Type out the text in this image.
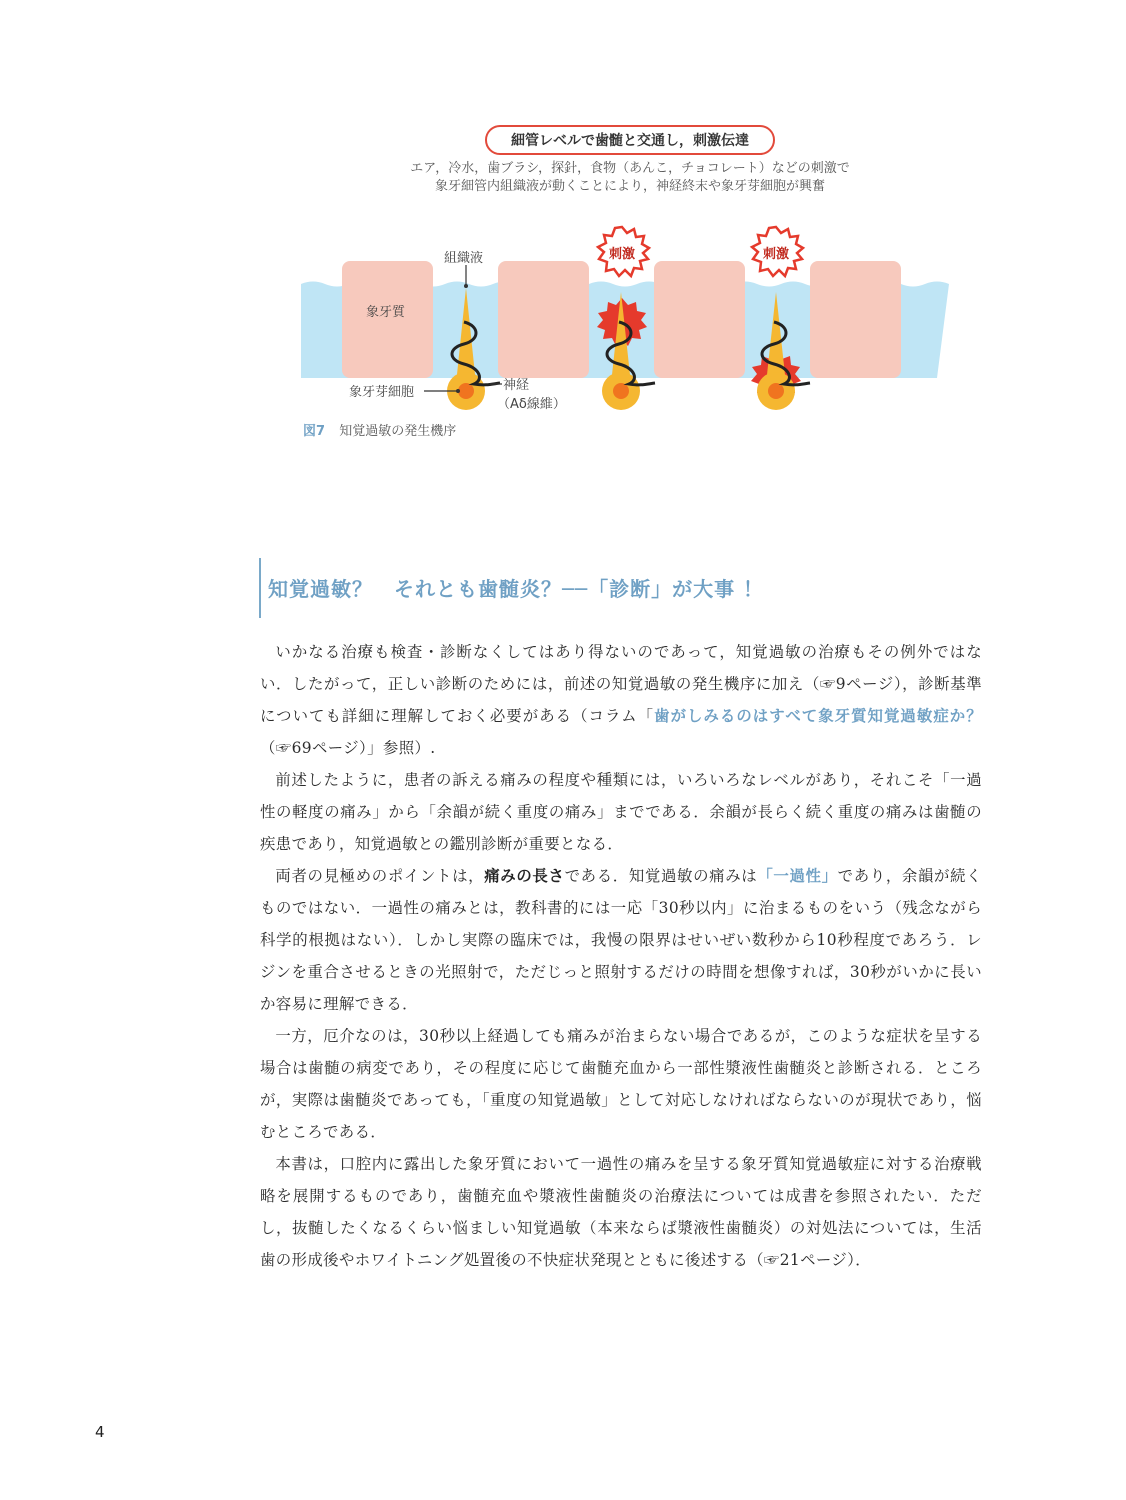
細管レベルで歯髄と交通し，刺激伝達
エア，冷水，歯ブラシ，探針，食物（あんこ，チョコレート）などの刺激で
象牙細管内組織液が動くことにより，神経終末や象牙芽細胞が興奮
刺激	刺激
組織液
象牙質
象牙芽細胞	神経
（Aδ線維）
図7 知覚過敏の発生機序
知覚過敏？　それとも歯髄炎？──「診断」が大事 ！

いかなる治療も検査・診断なくしてはあり得ないのであって，知覚過敏の治療もその例外ではない．したがって，正しい診断のためには，前述の知覚過敏の発生機序に加え（☞9ページ），診断基準についても詳細に理解しておく必要がある（コラム「歯がしみるのはすべて象牙質知覚過敏症か？（☞69ページ）」参照）.

前述したように，患者の訴える痛みの程度や種類には，いろいろなレベルがあり，それこそ「一過性の軽度の痛み」から「余韻が続く重度の痛み」までである．余韻が長らく続く重度の痛みは歯髄の疾患であり，知覚過敏との鑑別診断が重要となる．

両者の見極めのポイントは，痛みの長さである．知覚過敏の痛みは「一過性」であり，余韻が続くものではない．一過性の痛みとは，教科書的には一応「30秒以内」に治まるものをいう（残念ながら科学的根拠はない）．しかし実際の臨床では，我慢の限界はせいぜい数秒から10秒程度であろう．レジンを重合させるときの光照射で，ただじっと照射するだけの時間を想像すれば，30秒がいかに長いか容易に理解できる．

一方，厄介なのは，30秒以上経過しても痛みが治まらない場合であるが，このような症状を呈する場合は歯髄の病変であり，その程度に応じて歯髄充血から一部性漿液性歯髄炎と診断される．ところが，実際は歯髄炎であっても，「重度の知覚過敏」として対応しなければならないのが現状であり，悩むところである．

本書は，口腔内に露出した象牙質において一過性の痛みを呈する象牙質知覚過敏症に対する治療戦略を展開するものであり，歯髄充血や漿液性歯髄炎の治療法については成書を参照されたい．ただし，抜髄したくなるくらい悩ましい知覚過敏（本来ならば漿液性歯髄炎）の対処法については，生活歯の形成後やホワイトニング処置後の不快症状発現とともに後述する（☞21ページ）．

4
